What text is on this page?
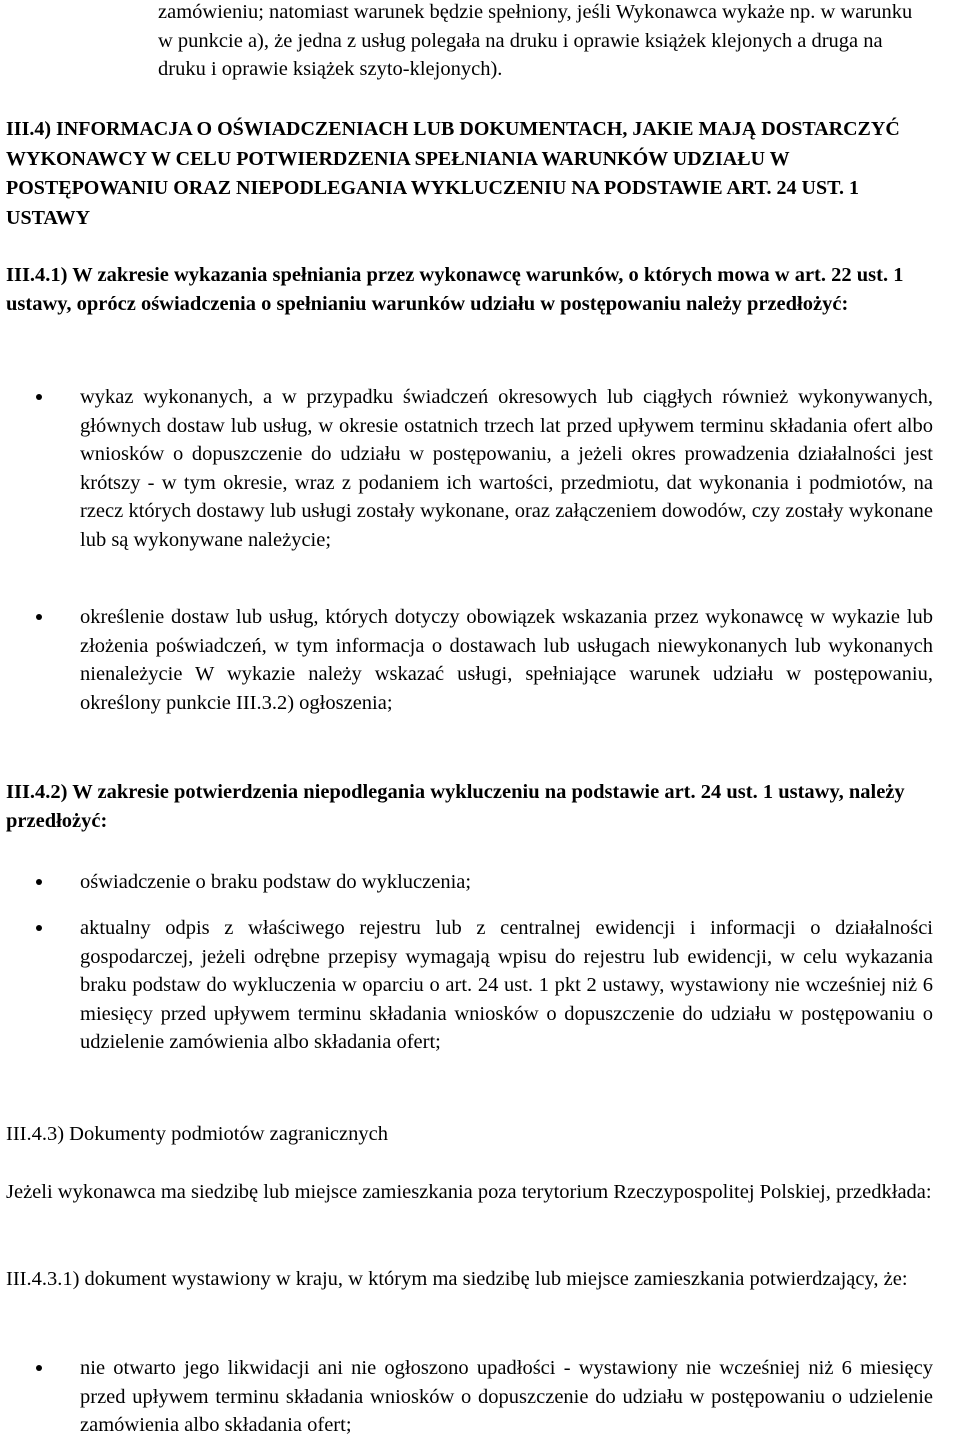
zamówieniu; natomiast warunek będzie spełniony, jeśli Wykonawca wykaże np. w warunku w punkcie a), że jedna z usług polegała na druku i oprawie książek klejonych a druga na druku i oprawie książek szyto-klejonych).

III.4) INFORMACJA O OŚWIADCZENIACH LUB DOKUMENTACH, JAKIE MAJĄ DOSTARCZYĆ WYKONAWCY W CELU POTWIERDZENIA SPEŁNIANIA WARUNKÓW UDZIAŁU W POSTĘPOWANIU ORAZ NIEPODLEGANIA WYKLUCZENIU NA PODSTAWIE ART. 24 UST. 1 USTAWY

III.4.1) W zakresie wykazania spełniania przez wykonawcę warunków, o których mowa w art. 22 ust. 1 ustawy, oprócz oświadczenia o spełnianiu warunków udziału w postępowaniu należy przedłożyć:

wykaz wykonanych, a w przypadku świadczeń okresowych lub ciągłych również wykonywanych, głównych dostaw lub usług, w okresie ostatnich trzech lat przed upływem terminu składania ofert albo wniosków o dopuszczenie do udziału w postępowaniu, a jeżeli okres prowadzenia działalności jest krótszy - w tym okresie, wraz z podaniem ich wartości, przedmiotu, dat wykonania i podmiotów, na rzecz których dostawy lub usługi zostały wykonane, oraz załączeniem dowodów, czy zostały wykonane lub są wykonywane należycie;

określenie dostaw lub usług, których dotyczy obowiązek wskazania przez wykonawcę w wykazie lub złożenia poświadczeń, w tym informacja o dostawach lub usługach niewykonanych lub wykonanych nienależycie W wykazie należy wskazać usługi, spełniające warunek udziału w postępowaniu, określony punkcie III.3.2) ogłoszenia;

III.4.2) W zakresie potwierdzenia niepodlegania wykluczeniu na podstawie art. 24 ust. 1 ustawy, należy przedłożyć:

oświadczenie o braku podstaw do wykluczenia;

aktualny odpis z właściwego rejestru lub z centralnej ewidencji i informacji o działalności gospodarczej, jeżeli odrębne przepisy wymagają wpisu do rejestru lub ewidencji, w celu wykazania braku podstaw do wykluczenia w oparciu o art. 24 ust. 1 pkt 2 ustawy, wystawiony nie wcześniej niż 6 miesięcy przed upływem terminu składania wniosków o dopuszczenie do udziału w postępowaniu o udzielenie zamówienia albo składania ofert;

III.4.3) Dokumenty podmiotów zagranicznych

Jeżeli wykonawca ma siedzibę lub miejsce zamieszkania poza terytorium Rzeczypospolitej Polskiej, przedkłada:

III.4.3.1) dokument wystawiony w kraju, w którym ma siedzibę lub miejsce zamieszkania potwierdzający, że:

nie otwarto jego likwidacji ani nie ogłoszono upadłości - wystawiony nie wcześniej niż 6 miesięcy przed upływem terminu składania wniosków o dopuszczenie do udziału w postępowaniu o udzielenie zamówienia albo składania ofert;
